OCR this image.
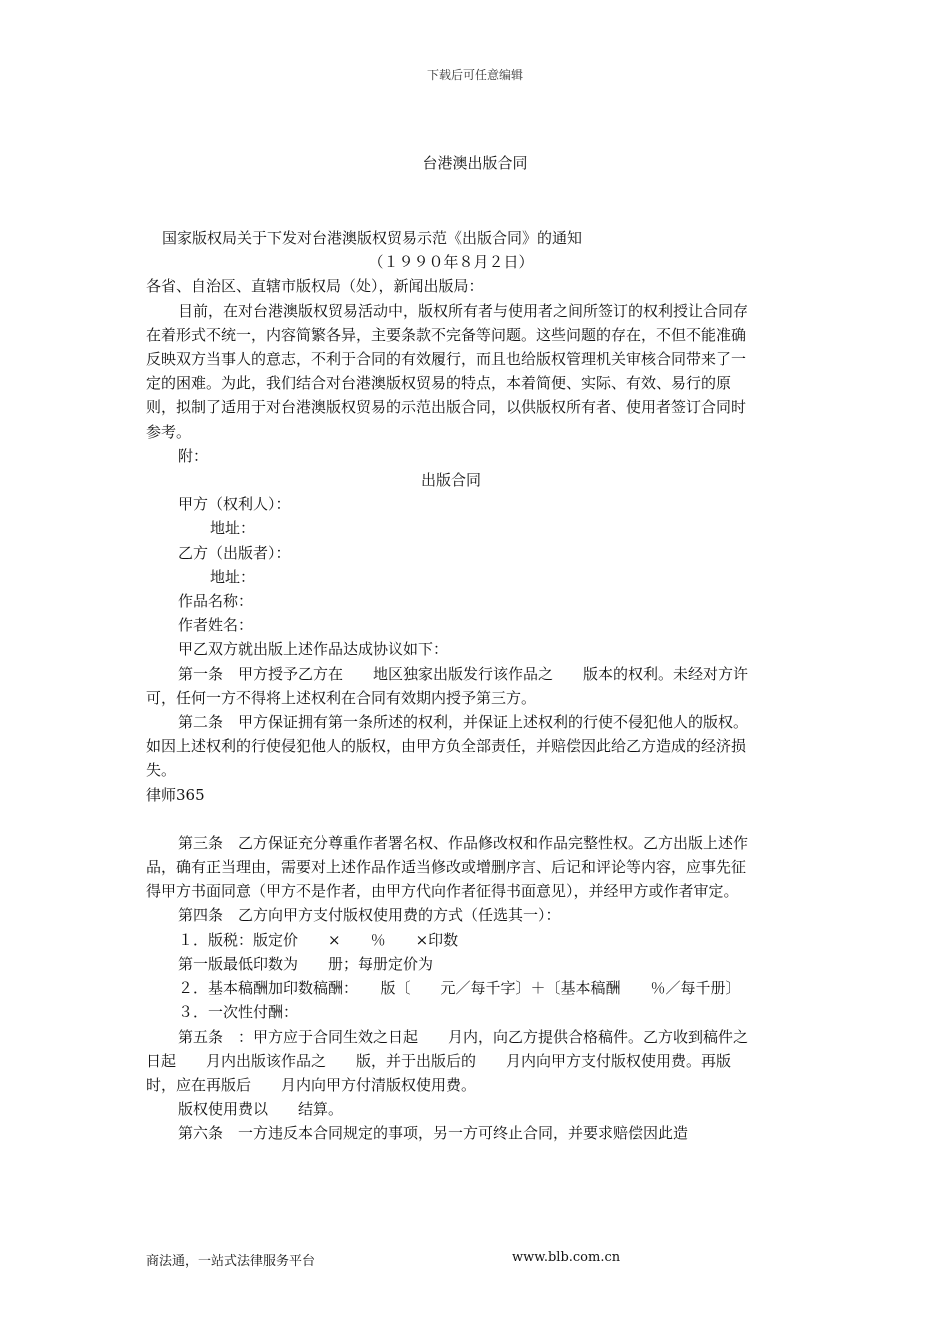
下载后可任意编辑
台港澳出版合同

国家版权局关于下发对台港澳版权贸易示范《出版合同》的通知

（１９９０年８月２日）

各省、自治区、直辖市版权局（处），新闻出版局：

目前，在对台港澳版权贸易活动中，版权所有者与使用者之间所签订的权利授让合同存在着形式不统一，内容简繁各异，主要条款不完备等问题。这些问题的存在，不但不能准确反映双方当事人的意志，不利于合同的有效履行，而且也给版权管理机关审核合同带来了一定的困难。为此，我们结合对台港澳版权贸易的特点，本着简便、实际、有效、易行的原则，拟制了适用于对台港澳版权贸易的示范出版合同，以供版权所有者、使用者签订合同时参考。

附：

出版合同

甲方（权利人）：

地址：

乙方（出版者）：

地址：

作品名称：

作者姓名：

甲乙双方就出版上述作品达成协议如下：

第一条　甲方授予乙方在　　地区独家出版发行该作品之　　版本的权利。未经对方许可，任何一方不得将上述权利在合同有效期内授予第三方。

第二条　甲方保证拥有第一条所述的权利，并保证上述权利的行使不侵犯他人的版权。如因上述权利的行使侵犯他人的版权，由甲方负全部责任，并赔偿因此给乙方造成的经济损失。

律师365

第三条　乙方保证充分尊重作者署名权、作品修改权和作品完整性权。乙方出版上述作品，确有正当理由，需要对上述作品作适当修改或增删序言、后记和评论等内容，应事先征得甲方书面同意（甲方不是作者，由甲方代向作者征得书面意见），并经甲方或作者审定。

第四条　乙方向甲方支付版权使用费的方式（任选其一）：

１．版税：版定价　　×　　％　　×印数

第一版最低印数为　　册；每册定价为

２．基本稿酬加印数稿酬：　　版〔　　元／每千字〕＋〔基本稿酬　　％／每千册〕

３．一次性付酬：

第五条　：甲方应于合同生效之日起　　月内，向乙方提供合格稿件。乙方收到稿件之日起　　月内出版该作品之　　版，并于出版后的　　月内向甲方支付版权使用费。再版时，应在再版后　　月内向甲方付清版权使用费。

版权使用费以　　结算。

第六条　一方违反本合同规定的事项，另一方可终止合同，并要求赔偿因此造

商法通，一站式法律服务平台	www.blb.com.cn
